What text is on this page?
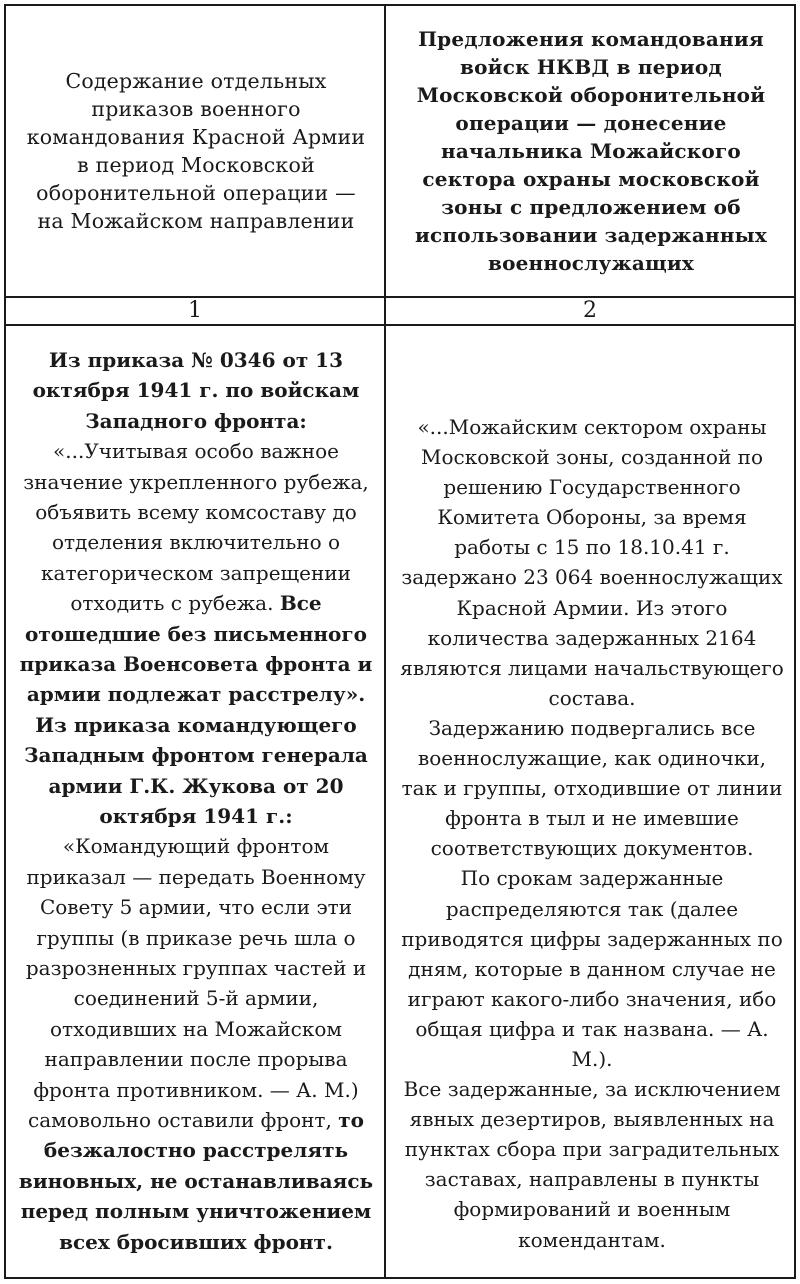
Содержание отдельных приказов военного командования Красной Армии в период Московской оборонительной операции — на Можайском направлении
Предложения командования войск НКВД в период Московской оборонительной операции — донесение начальника Можайского сектора охраны московской зоны с предложением об использовании задержанных военнослужащих
1	2
Из приказа № 0346 от 13 октября 1941 г. по войскам Западного фронта: «...Учитывая особо важное значение укрепленного рубежа, объявить всему комсоставу до отделения включительно о категорическом запрещении отходить с рубежа. Все отошедшие без письменного приказа Военсовета фронта и армии подлежат расстрелу». Из приказа командующего Западным фронтом генерала армии Г.К. Жукова от 20 октября 1941 г.: «Командующий фронтом приказал — передать Военному Совету 5 армии, что если эти группы (в приказе речь шла о разрозненных группах частей и соединений 5-й армии, отходивших на Можайском направлении после прорыва фронта противником. — А. М.) самовольно оставили фронт, то безжалостно расстрелять виновных, не останавливаясь перед полным уничтожением всех бросивших фронт.
«...Можайским сектором охраны Московской зоны, созданной по решению Государственного Комитета Обороны, за время работы с 15 по 18.10.41 г. задержано 23 064 военнослужащих Красной Армии. Из этого количества задержанных 2164 являются лицами начальствующего состава.
Задержанию подвергались все военнослужащие, как одиночки, так и группы, отходившие от линии фронта в тыл и не имевшие соответствующих документов.
По срокам задержанные распределяются так (далее приводятся цифры задержанных по дням, которые в данном случае не играют какого-либо значения, ибо общая цифра и так названа. — А. М.).
Все задержанные, за исключением явных дезертиров, выявленных на пунктах сбора при заградительных заставах, направлены в пункты формирований и военным комендантам.
